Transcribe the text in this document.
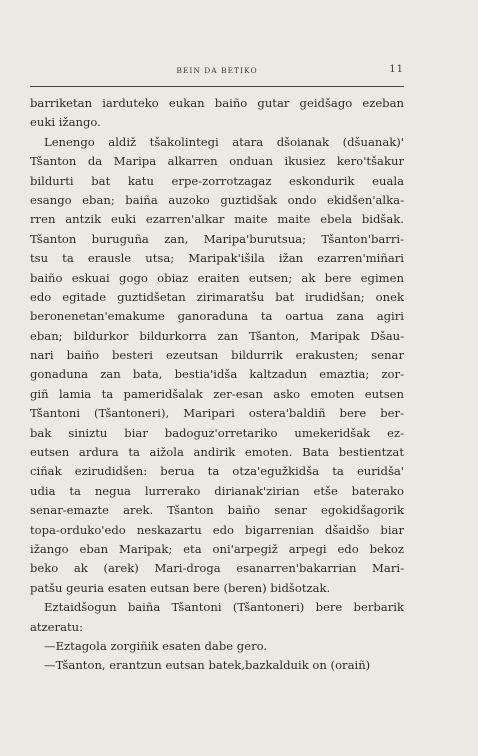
BEIN DA BETIKO	11
barriketan iarduteko eukan baiño gutar geidšago ezeban
euki ižango.
Lenengo aldiž tšakolintegi atara dšoianak (dšuanak)'
Tšanton da Maripa alkarren onduan ikusiez kero'tšakur
bildurti bat katu erpe-zorrotzagaz eskondurik euala
esango eban; baiña auzoko guztidšak ondo ekidšen'alka-
rren antzik euki ezarren'alkar maite maite ebela bidšak.
Tšanton buruguña zan, Maripa'burutsua; Tšanton'barri-
tsu ta erausle utsa; Maripak'išila ižan ezarren'miñari
baiño eskuai gogo obiaz eraiten eutsen; ak bere egimen
edo egitade guztidšetan zirimaratšu bat irudidšan; onek
beronenetan'emakume ganoraduna ta oartua zana agiri
eban; bildurkor bildurkorra zan Tšanton, Maripak Dšau-
nari baiño besteri ezeutsan bildurrik erakusten; senar
gonaduna zan bata, bestia'idša kaltzadun emaztia; zor-
giñ lamia ta pameridšalak zer-esan asko emoten eutsen
Tšantoni (Tšantoneri), Maripari ostera'baldiñ bere ber-
bak siniztu biar badoguz'orretariko umekeridšak ez-
eutsen ardura ta aižola andirik emoten. Bata bestientzat
ciñak ezirudidšen: berua ta otza'egužkidša ta euridša'
udia ta negua lurrerako dirianak'zirian etše baterako
senar-emazte arek. Tšanton baiño senar egokidšagorik
topa-orduko'edo neskazartu edo bigarrenian dšaidšo biar
ižango eban Maripak; eta oni'arpegiž arpegi edo bekoz
beko ak (arek) Mari-droga esanarren'bakarrian Mari-
patšu geuria esaten eutsan bere (beren) bidšotzak.
Eztaidšogun baiña Tšantoni (Tšantoneri) bere berbarik
atzeratu:
—Eztagola zorgiñik esaten dabe gero.
—Tšanton, erantzun eutsan batek,bazkalduik on (oraiñ)
